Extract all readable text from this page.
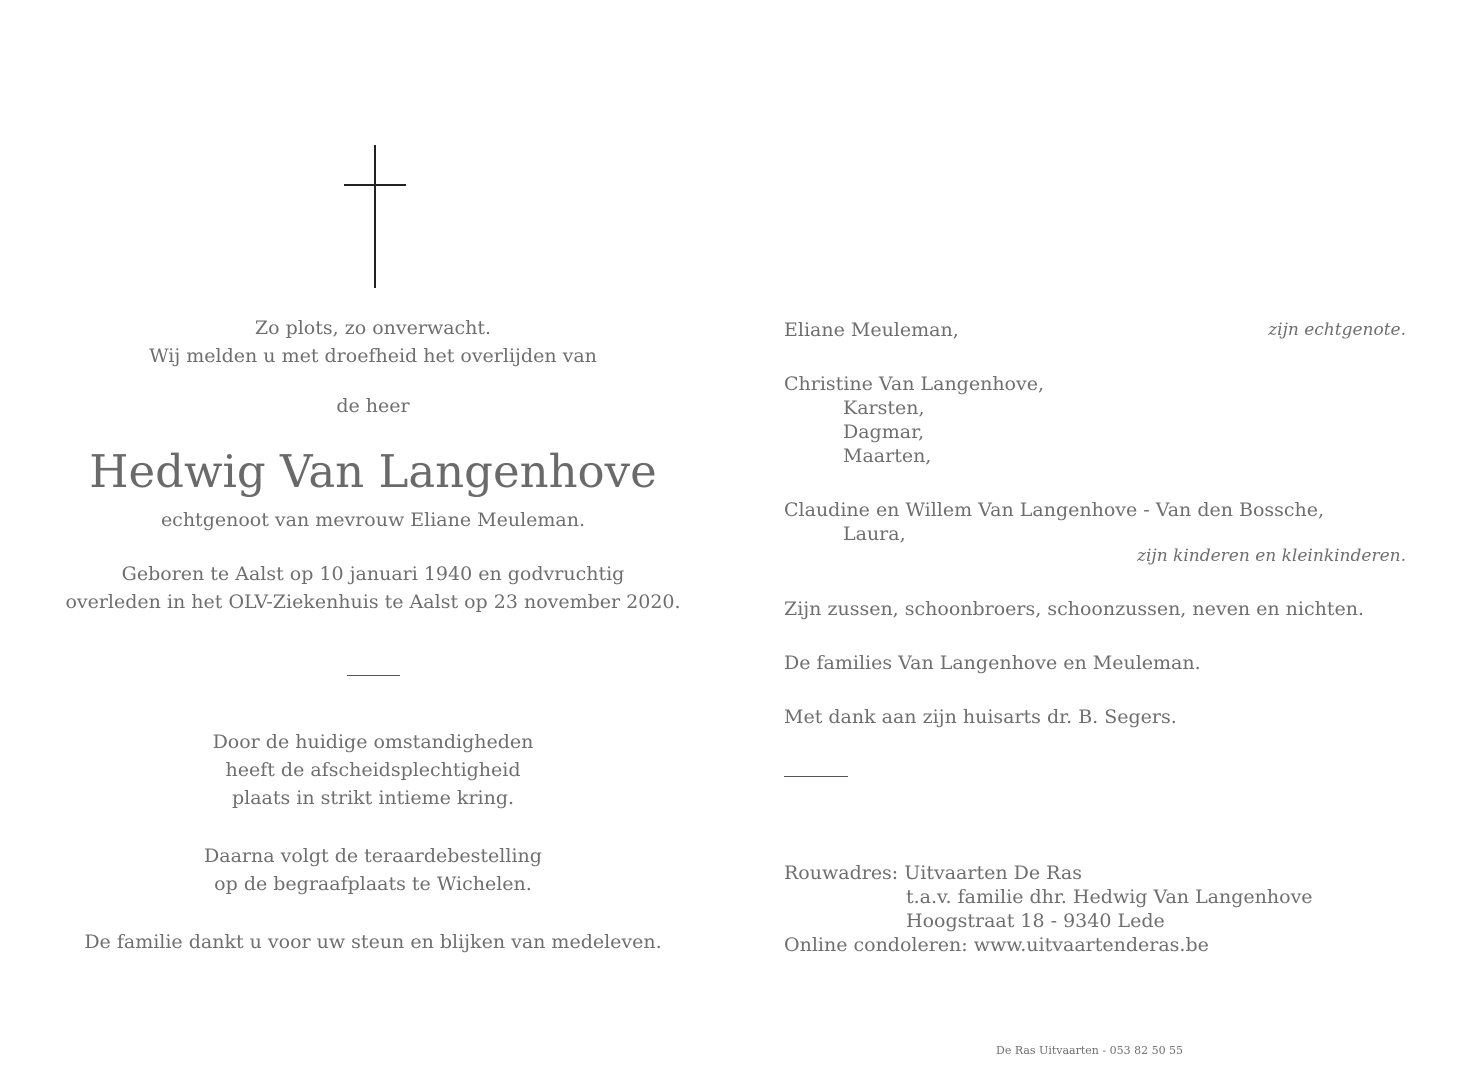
Zo plots, zo onverwacht.
Wij melden u met droefheid het overlijden van
de heer
Hedwig Van Langenhove
echtgenoot van mevrouw Eliane Meuleman.
Geboren te Aalst op 10 januari 1940 en godvruchtig
overleden in het OLV-Ziekenhuis te Aalst op 23 november 2020.
Door de huidige omstandigheden
heeft de afscheidsplechtigheid
plaats in strikt intieme kring.
Daarna volgt de teraardebestelling
op de begraafplaats te Wichelen.
De familie dankt u voor uw steun en blijken van medeleven.
Eliane Meuleman,	zijn echtgenote.
Christine Van Langenhove,
Karsten,
Dagmar,
Maarten,
Claudine en Willem Van Langenhove - Van den Bossche,
Laura,
zijn kinderen en kleinkinderen.
Zijn zussen, schoonbroers, schoonzussen, neven en nichten.
De families Van Langenhove en Meuleman.
Met dank aan zijn huisarts dr. B. Segers.
Rouwadres: Uitvaarten De Ras
t.a.v. familie dhr. Hedwig Van Langenhove
Hoogstraat 18 - 9340 Lede
Online condoleren: www.uitvaartenderas.be
De Ras Uitvaarten - 053 82 50 55
